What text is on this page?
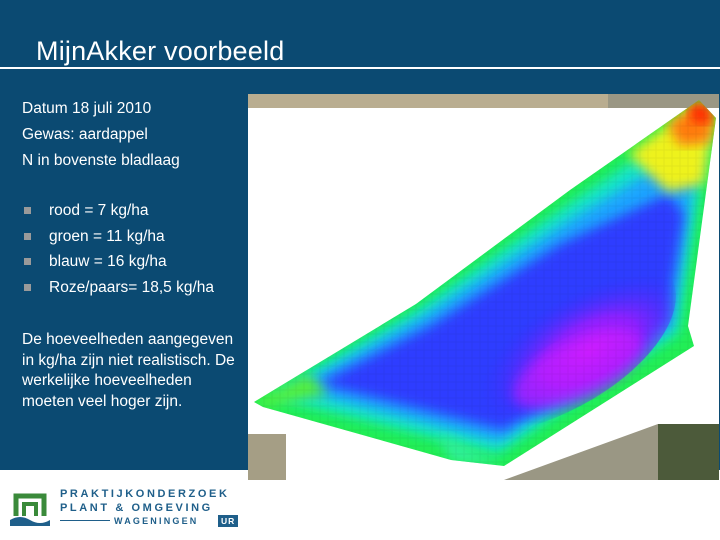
MijnAkker voorbeeld
Datum 18 juli 2010
Gewas: aardappel
N in bovenste bladlaag
rood = 7 kg/ha
groen = 11 kg/ha
blauw = 16 kg/ha
Roze/paars= 18,5 kg/ha
De hoeveelheden aangegeven in kg/ha zijn niet realistisch. De werkelijke hoeveelheden moeten veel hoger zijn.
PRAKTIJKONDERZOEK
PLANT & OMGEVING
WAGENINGEN	UR
